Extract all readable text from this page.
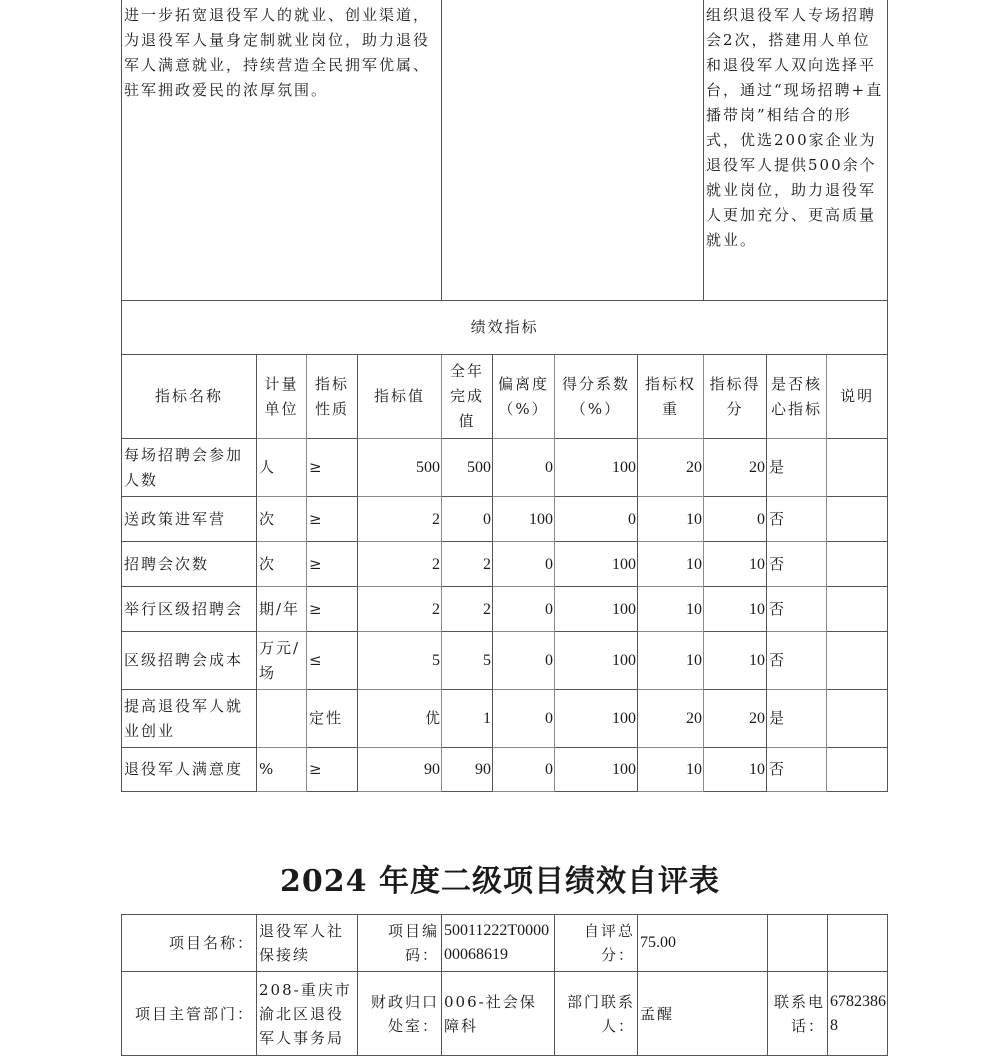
进一步拓宽退役军人的就业、创业渠道，为退役军人量身定制就业岗位，助力退役军人满意就业，持续营造全民拥军优属、驻军拥政爱民的浓厚氛围。		组织退役军人专场招聘会2次，搭建用人单位和退役军人双向选择平台，通过“现场招聘+直播带岗”相结合的形式，优选200家企业为退役军人提供500余个就业岗位，助力退役军人更加充分、更高质量就业。
绩效指标										
指标名称	计量单位	指标性质	指标值	全年完成值	偏离度（%）	得分系数（%）	指标权重	指标得分	是否核心指标	说明
每场招聘会参加人数	人	≥	500	500	0	100	20	20	是	
送政策进军营	次	≥	2	0	100	0	10	0	否	
招聘会次数	次	≥	2	2	0	100	10	10	否	
举行区级招聘会	期/年	≥	2	2	0	100	10	10	否	
区级招聘会成本	万元/场	≤	5	5	0	100	10	10	否	
提高退役军人就业创业		定性	优	1	0	100	20	20	是	
退役军人满意度	%	≥	90	90	0	100	10	10	否	
2024 年度二级项目绩效自评表
项目名称：	退役军人社保接续	项目编码：	50011222T000000068619	自评总分：	75.00		
项目主管部门：	208-重庆市渝北区退役军人事务局	财政归口处室：	006-社会保障科	部门联系人：	孟醒	联系电话：	67823868
